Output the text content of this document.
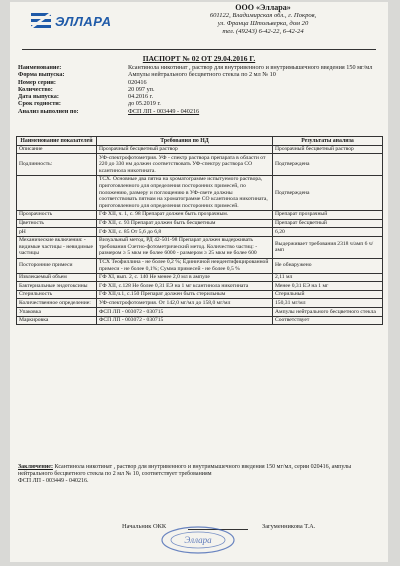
ЭЛЛАРА
ООО «Эллара»
601122, Владимирская обл., г. Покров,
ул. Франца Штольверка, дом 20
тел. (49243) 6-42-22, 6-42-24
ПАСПОРТ № 02 ОТ 29.04.2016 Г.
Наименование:	Ксантинола никотинат , раствор для внутривенного и внутримышечного введения 150 мг/мл
Форма выпуска:	Ампулы нейтрального бесцветного стекла по 2 мл № 10
Номер серии:	020416
Количество:	20 097 уп.
Дата выпуска:	04.2016 г.
Срок годности:	до 05.2019 г.
Анализ выполнен по:	ФСП ЛП - 003449 - 040216
Наименование показателей	Требования по НД	Результаты анализа
Описание	Прозрачный бесцветный раствор	Прозрачный бесцветный раствор
Подлинность:	УФ-спектрофотометрия. УФ - спектр раствора препарата в области от 220 до 330 нм должен соответствовать УФ-спектру раствора СО ксантинола никотината.	Подтверждена
	ТСХ. Основные два пятна на хроматограмме испытуемого раствора, приготовленного для определения посторонних примесей, по положению, размеру и поглощению в УФ-свете должны соответствовать пятнам на хроматограмме СО ксантинола никотината, приготовленного для определения посторонних примесей.	Подтверждена
Прозрачность	ГФ XII, ч. 1, с. 98 Препарат должен быть прозрачным.	Препарат прозрачный
Цветность	ГФ XII, с. 93 Препарат должен быть бесцветным	Препарат бесцветный
pH	ГФ XII, с. 85 От 5,6 до 6,8	6,20
Механические включения: - видимые частицы - невидимые частицы	Визуальный метод, РД 42-501-98 Препарат должен выдерживать требования Счетно-фотометрический метод. Количество частиц: - размером ≥ 5 мкм не более 6000 - размером ≥ 25 мкм не более 600	Выдерживает требования 2318 ч/амп 6 ч/амп
Посторонние примеси	ТСХ Теофиллина - не более 0,2 %; Единичной неидентифицированной примеси - не более 0,1%; Сумма примесей - не более 0,5 %	Не обнаружено
Извлекаемый объем	ГФ XI, вып. 2, с. 140 Не менее 2,0 мл в ампуле	2,11 мл
Бактериальные эндотоксины	ГФ XII, с.128 Не более 0,31 ЕЭ на 1 мг ксантинола никотината	Менее 0,31 ЕЭ на 1 мг
Стерильность	ГФ XII,ч.1, с.150 Препарат должен быть стерильным	Стерильный
Количественное определение:	УФ-спектрофотометрия. От 142,0 мг/мл до 158,0 мг/мл	150,31 мг/мл
Упаковка	ФСП ЛП - 003072 - 030715	Ампулы нейтрального бесцветного стекла
Маркировка	ФСП ЛП - 003072 - 030715	Соответствует
Заключение: Ксантинола никотинат , раствор для внутривенного и внутримышечного введения 150 мг/мл, серии 020416, ампулы нейтрального бесцветного стекла по 2 мл № 10, соответствует требованиям
ФСП ЛП - 003449 - 040216.
Начальник ОКК	Загуменникова Т.А.
Эллара
